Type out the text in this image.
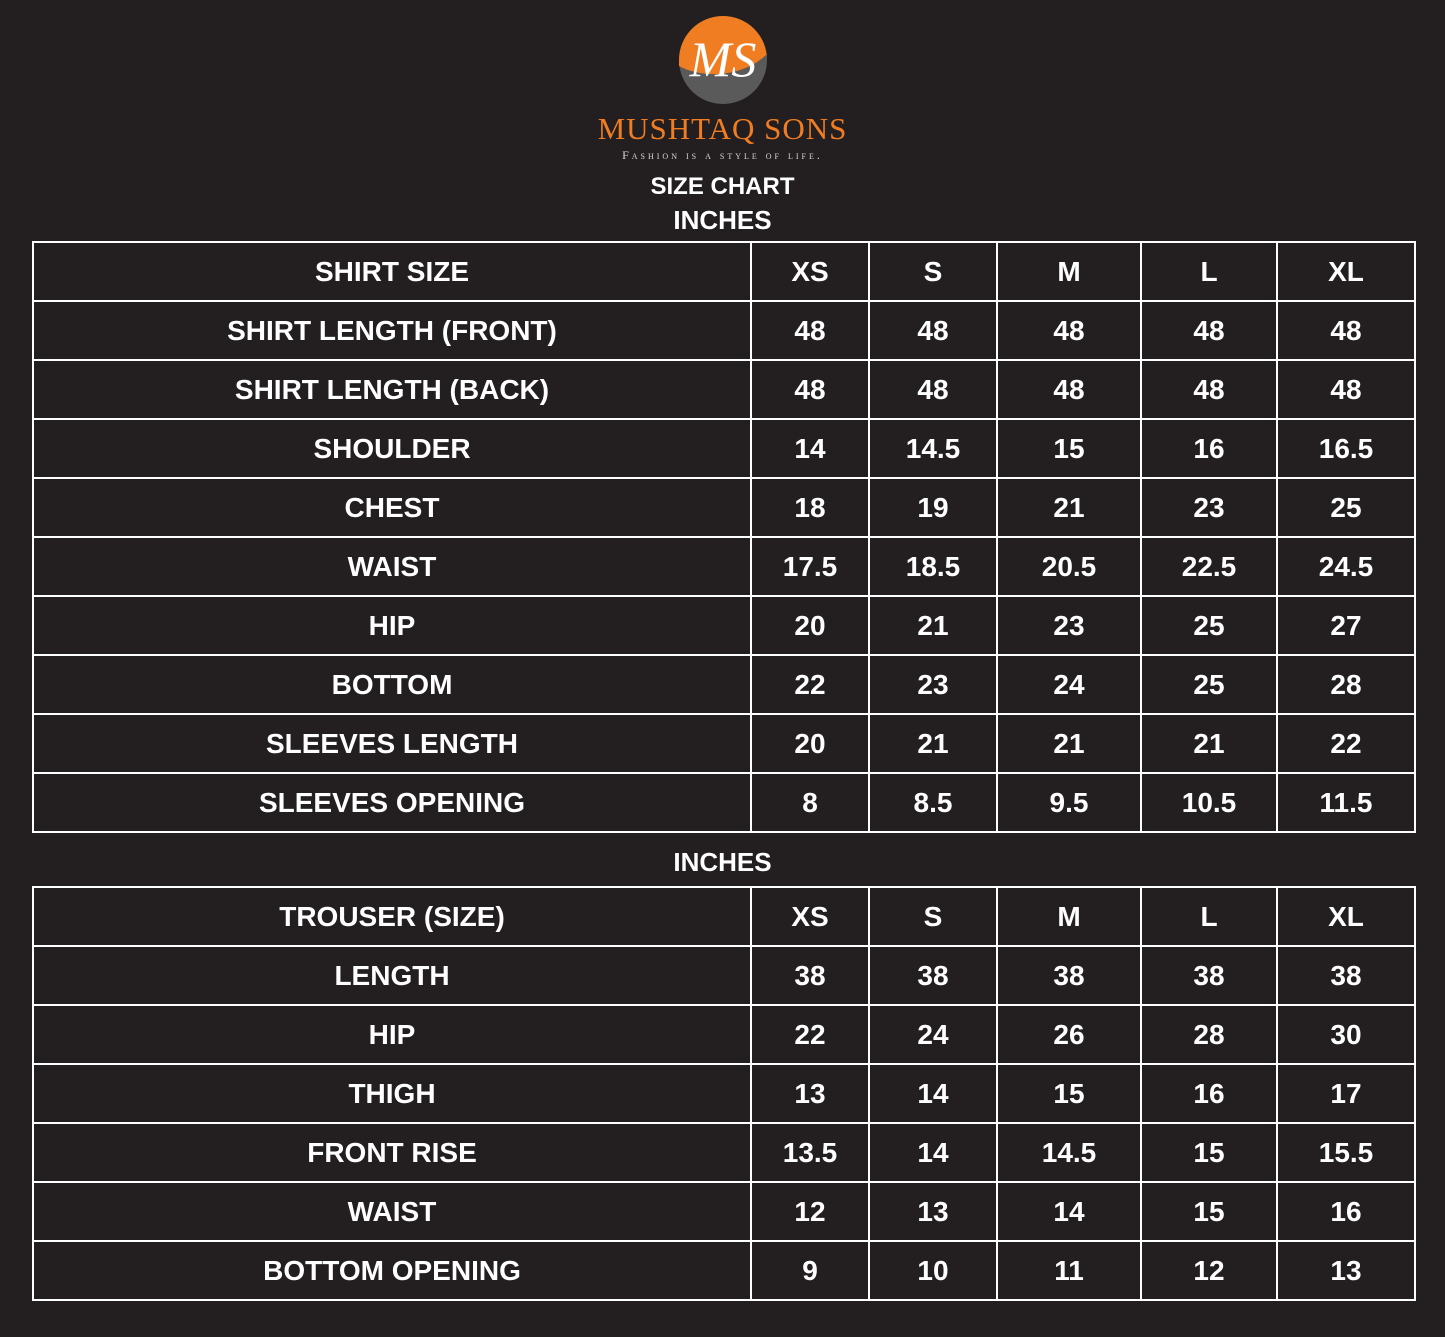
MS
MUSHTAQ SONS
Fashion is a style of life.
SIZE CHART
INCHES
SHIRT SIZE	XS	S	M	L	XL
SHIRT LENGTH (FRONT)	48	48	48	48	48
SHIRT LENGTH (BACK)	48	48	48	48	48
SHOULDER	14	14.5	15	16	16.5
CHEST	18	19	21	23	25
WAIST	17.5	18.5	20.5	22.5	24.5
HIP	20	21	23	25	27
BOTTOM	22	23	24	25	28
SLEEVES LENGTH	20	21	21	21	22
SLEEVES OPENING	8	8.5	9.5	10.5	11.5
INCHES
TROUSER (SIZE)	XS	S	M	L	XL
LENGTH	38	38	38	38	38
HIP	22	24	26	28	30
THIGH	13	14	15	16	17
FRONT RISE	13.5	14	14.5	15	15.5
WAIST	12	13	14	15	16
BOTTOM OPENING	9	10	11	12	13
